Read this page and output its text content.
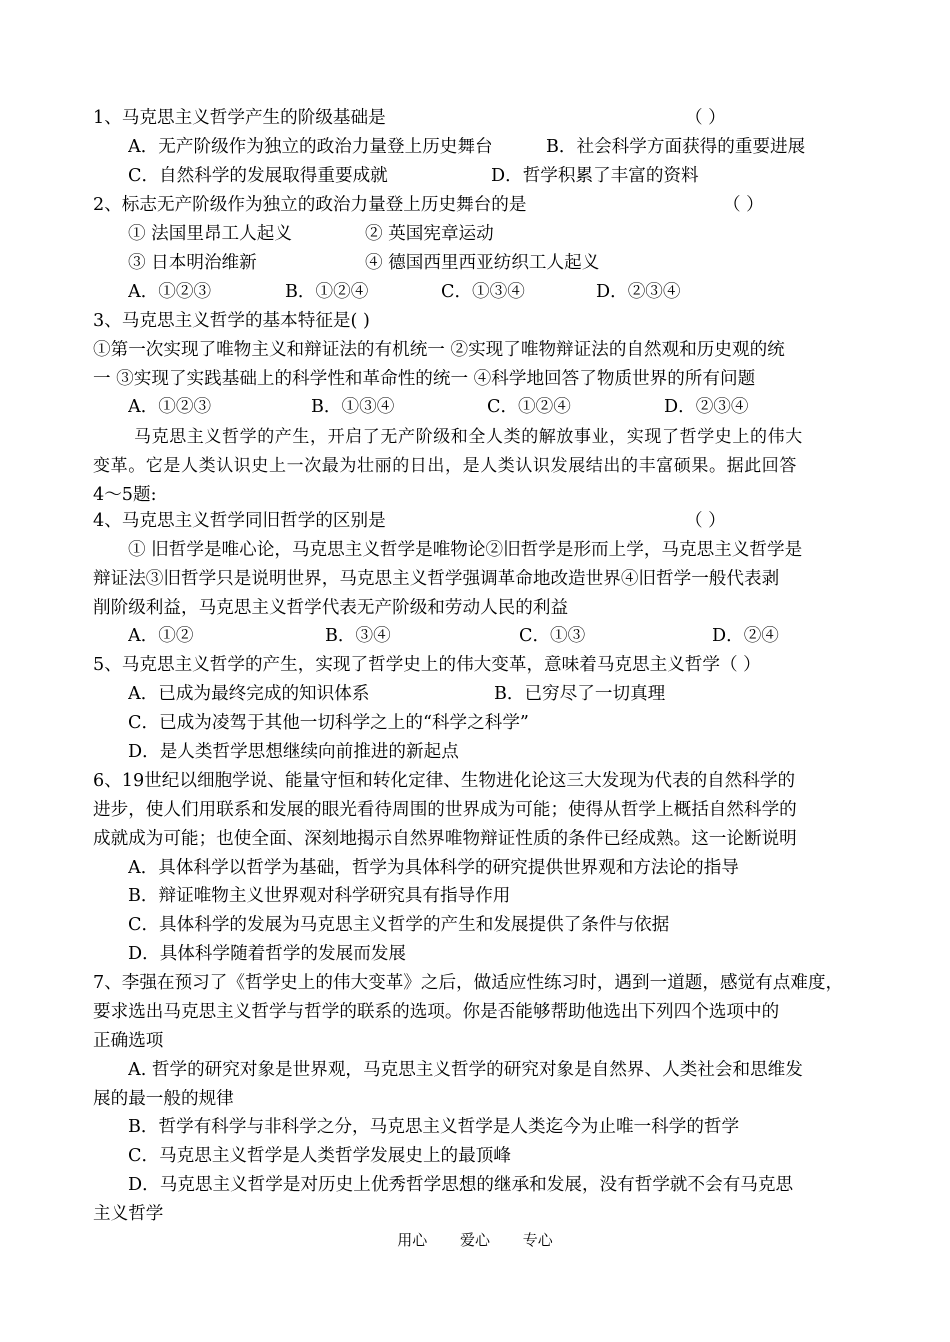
1、马克思主义哲学产生的阶级基础是	（ ）
A．无产阶级作为独立的政治力量登上历史舞台	B．社会科学方面获得的重要进展
C．自然科学的发展取得重要成就	D．哲学积累了丰富的资料
2、标志无产阶级作为独立的政治力量登上历史舞台的是	（ ）
① 法国里昂工人起义	② 英国宪章运动
③ 日本明治维新	④ 德国西里西亚纺织工人起义
A．①②③	B．①②④	C．①③④	D．②③④
3、马克思主义哲学的基本特征是( )
①第一次实现了唯物主义和辩证法的有机统一 ②实现了唯物辩证法的自然观和历史观的统
一 ③实现了实践基础上的科学性和革命性的统一 ④科学地回答了物质世界的所有问题
A．①②③	B．①③④	C．①②④	D．②③④
马克思主义哲学的产生，开启了无产阶级和全人类的解放事业，实现了哲学史上的伟大
变革。它是人类认识史上一次最为壮丽的日出，是人类认识发展结出的丰富硕果。据此回答
4～5题:
4、马克思主义哲学同旧哲学的区别是	（ ）
① 旧哲学是唯心论，马克思主义哲学是唯物论②旧哲学是形而上学，马克思主义哲学是
辩证法③旧哲学只是说明世界，马克思主义哲学强调革命地改造世界④旧哲学一般代表剥
削阶级利益，马克思主义哲学代表无产阶级和劳动人民的利益
A．①②	B．③④	C．①③	D．②④
5、马克思主义哲学的产生，实现了哲学史上的伟大变革，意味着马克思主义哲学（ ）
A．已成为最终完成的知识体系	B．已穷尽了一切真理
C．已成为凌驾于其他一切科学之上的“科学之科学”
D．是人类哲学思想继续向前推进的新起点
6、19世纪以细胞学说、能量守恒和转化定律、生物进化论这三大发现为代表的自然科学的
进步，使人们用联系和发展的眼光看待周围的世界成为可能；使得从哲学上概括自然科学的
成就成为可能；也使全面、深刻地揭示自然界唯物辩证性质的条件已经成熟。这一论断说明
A．具体科学以哲学为基础，哲学为具体科学的研究提供世界观和方法论的指导
B．辩证唯物主义世界观对科学研究具有指导作用
C．具体科学的发展为马克思主义哲学的产生和发展提供了条件与依据
D．具体科学随着哲学的发展而发展
7、李强在预习了《哲学史上的伟大变革》之后，做适应性练习时，遇到一道题，感觉有点难度，
要求选出马克思主义哲学与哲学的联系的选项。你是否能够帮助他选出下列四个选项中的
正确选项
A. 哲学的研究对象是世界观，马克思主义哲学的研究对象是自然界、人类社会和思维发
展的最一般的规律
B．哲学有科学与非科学之分，马克思主义哲学是人类迄今为止唯一科学的哲学
C．马克思主义哲学是人类哲学发展史上的最顶峰
D．马克思主义哲学是对历史上优秀哲学思想的继承和发展，没有哲学就不会有马克思
主义哲学
用心 爱心 专心
